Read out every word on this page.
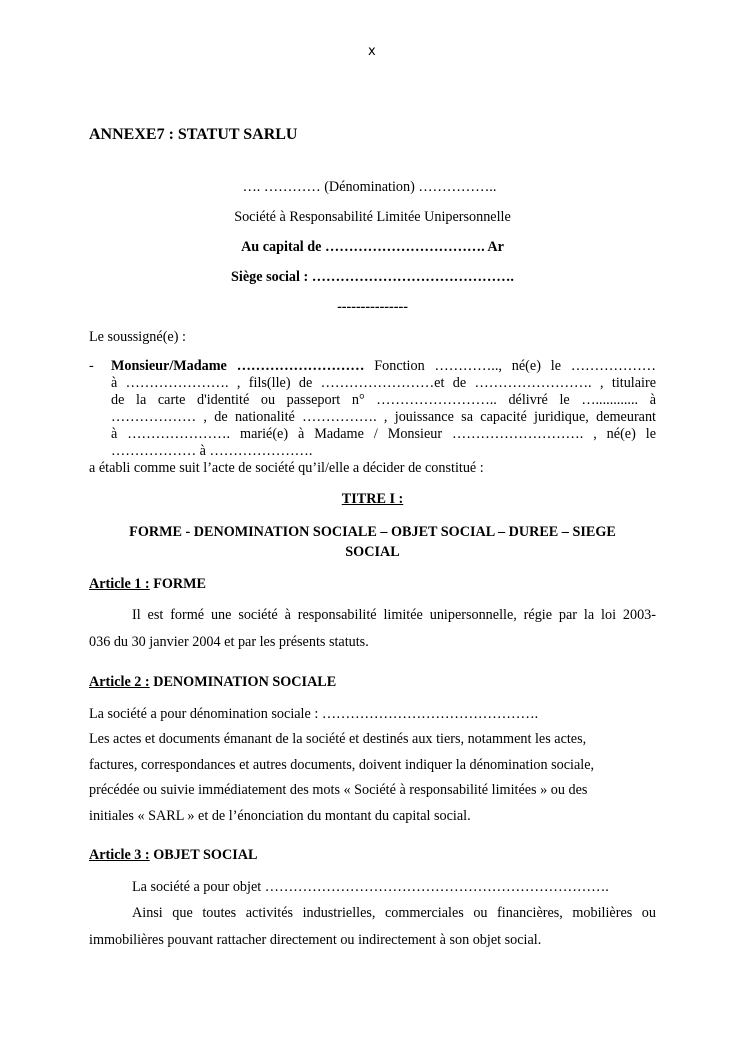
x
ANNEXE7 : STATUT SARLU
…. ………… (Dénomination) ……………..
Société à Responsabilité Limitée Unipersonnelle
Au capital de ……………………………. Ar
Siège social : …………………………………….
---------------
Le soussigné(e) :
- Monsieur/Madame ……………………… Fonction ………….., né(e) le ………………
à …………………. , fils(lle) de ……………………et de ……………………. , titulaire
de la carte d'identité ou passeport n° …………………….. délivré le …............ à
……………… , de nationalité ……………. , jouissance sa capacité juridique, demeurant
à …………………. marié(e) à Madame / Monsieur ………………………. , né(e) le
……………… à ………………….
a établi comme suit l’acte de société qu’il/elle a décider de constitué :
TITRE I :
FORME - DENOMINATION SOCIALE – OBJET SOCIAL – DUREE – SIEGE
SOCIAL
Article 1 : FORME
Il est formé une société à responsabilité limitée unipersonnelle, régie par la loi 2003-
036 du 30 janvier 2004 et par les présents statuts.
Article 2 : DENOMINATION SOCIALE
La société a pour dénomination sociale : ……………………………………….
Les actes et documents émanant de la société et destinés aux tiers, notamment les actes,
factures, correspondances et autres documents, doivent indiquer la dénomination sociale,
précédée ou suivie immédiatement des mots « Société à responsabilité limitées » ou des
initiales « SARL » et de l’énonciation du montant du capital social.
Article 3 : OBJET SOCIAL
La société a pour objet ……………………………………………………………….
Ainsi que toutes activités industrielles, commerciales ou financières, mobilières ou
immobilières pouvant rattacher directement ou indirectement à son objet social.
